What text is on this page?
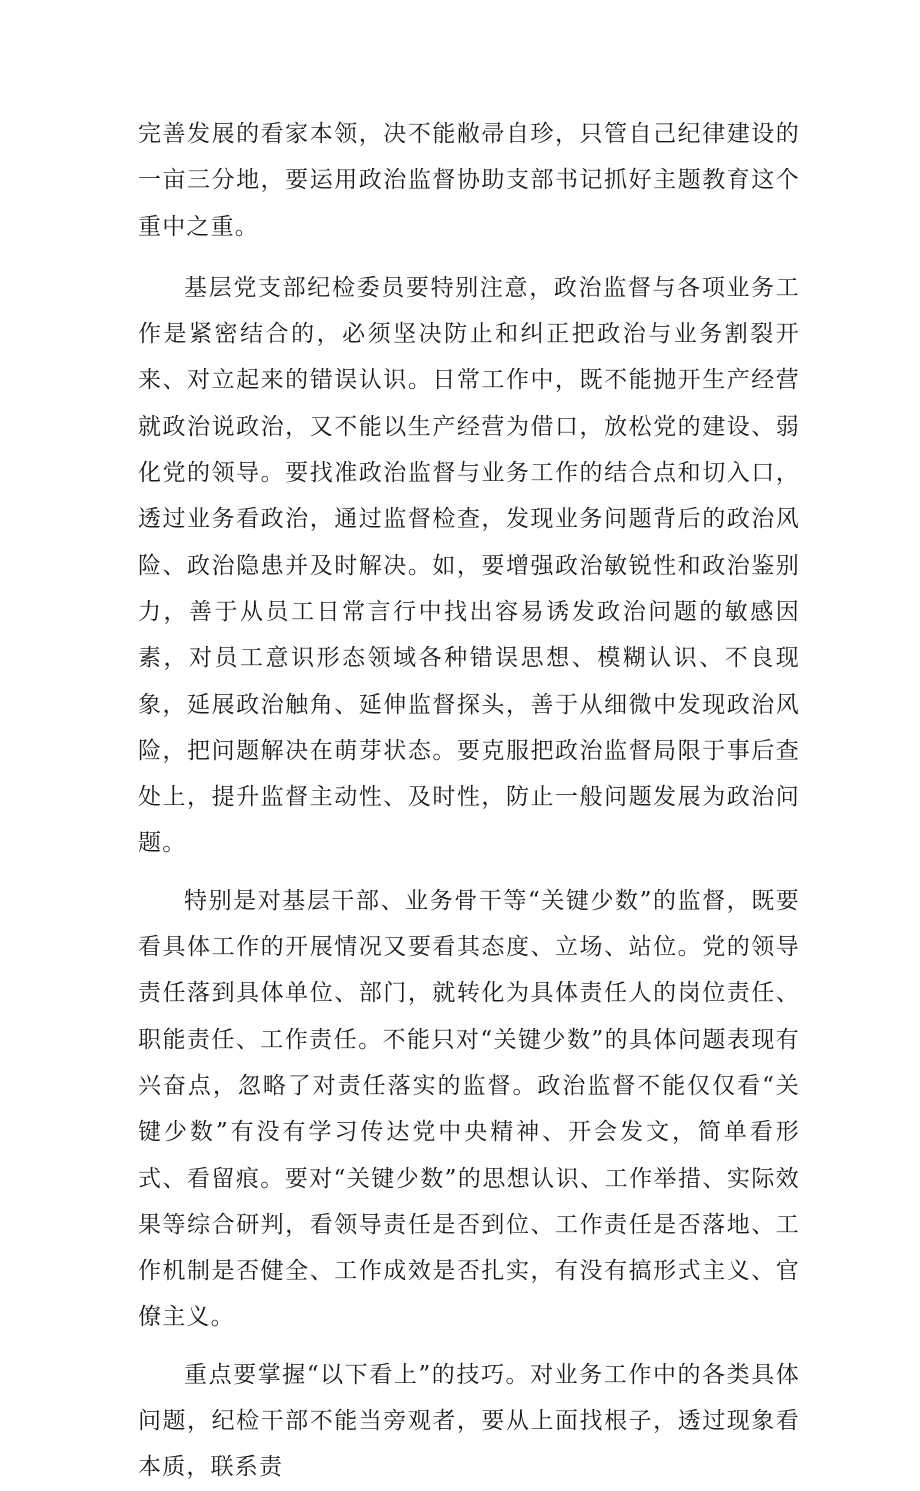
完善发展的看家本领，决不能敝帚自珍，只管自己纪律建设的一亩三分地，要运用政治监督协助支部书记抓好主题教育这个重中之重。

基层党支部纪检委员要特别注意，政治监督与各项业务工作是紧密结合的，必须坚决防止和纠正把政治与业务割裂开来、对立起来的错误认识。日常工作中，既不能抛开生产经营就政治说政治，又不能以生产经营为借口，放松党的建设、弱化党的领导。要找准政治监督与业务工作的结合点和切入口，透过业务看政治，通过监督检查，发现业务问题背后的政治风险、政治隐患并及时解决。如，要增强政治敏锐性和政治鉴别力，善于从员工日常言行中找出容易诱发政治问题的敏感因素，对员工意识形态领域各种错误思想、模糊认识、不良现象，延展政治触角、延伸监督探头，善于从细微中发现政治风险，把问题解决在萌芽状态。要克服把政治监督局限于事后查处上，提升监督主动性、及时性，防止一般问题发展为政治问题。

特别是对基层干部、业务骨干等“关键少数”的监督，既要看具体工作的开展情况又要看其态度、立场、站位。党的领导责任落到具体单位、部门，就转化为具体责任人的岗位责任、职能责任、工作责任。不能只对“关键少数”的具体问题表现有兴奋点，忽略了对责任落实的监督。政治监督不能仅仅看“关键少数”有没有学习传达党中央精神、开会发文，简单看形式、看留痕。要对“关键少数”的思想认识、工作举措、实际效果等综合研判，看领导责任是否到位、工作责任是否落地、工作机制是否健全、工作成效是否扎实，有没有搞形式主义、官僚主义。

重点要掌握“以下看上”的技巧。对业务工作中的各类具体问题，纪检干部不能当旁观者，要从上面找根子，透过现象看本质，联系责
